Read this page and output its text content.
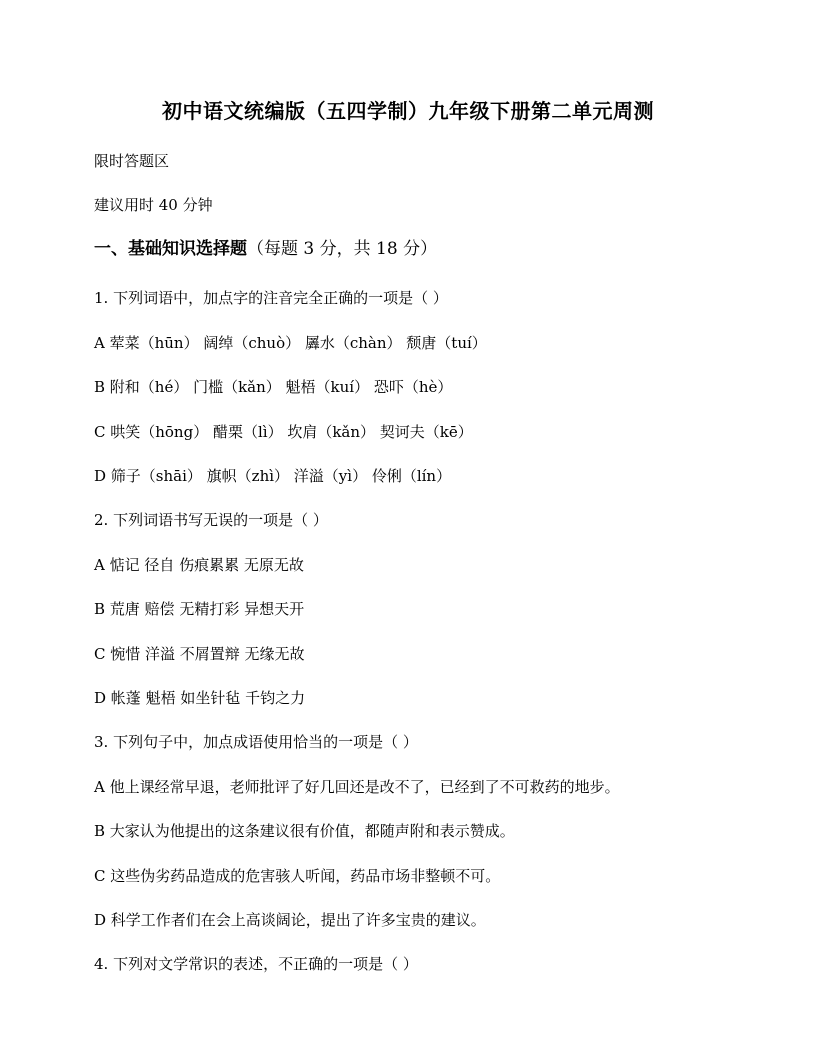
初中语文统编版（五四学制）九年级下册第二单元周测
限时答题区
建议用时 40 分钟
一、基础知识选择题（每题 3 分，共 18 分）
1. 下列词语中，加点字的注音完全正确的一项是（ ）
A 荤菜（hūn） 阔绰（chuò） 羼水（chàn） 颓唐（tuí）
B 附和（hé） 门槛（kǎn） 魁梧（kuí） 恐吓（hè）
C 哄笑（hōng） 醋栗（lì） 坎肩（kǎn） 契诃夫（kē）
D 筛子（shāi） 旗帜（zhì） 洋溢（yì） 伶俐（lín）
2. 下列词语书写无误的一项是（ ）
A 惦记 径自 伤痕累累 无原无故
B 荒唐 赔偿 无精打彩 异想天开
C 惋惜 洋溢 不屑置辩 无缘无故
D 帐蓬 魁梧 如坐针毡 千钧之力
3. 下列句子中，加点成语使用恰当的一项是（ ）
A 他上课经常早退，老师批评了好几回还是改不了，已经到了不可救药的地步。
B 大家认为他提出的这条建议很有价值，都随声附和表示赞成。
C 这些伪劣药品造成的危害骇人听闻，药品市场非整顿不可。
D 科学工作者们在会上高谈阔论，提出了许多宝贵的建议。
4. 下列对文学常识的表述，不正确的一项是（ ）
